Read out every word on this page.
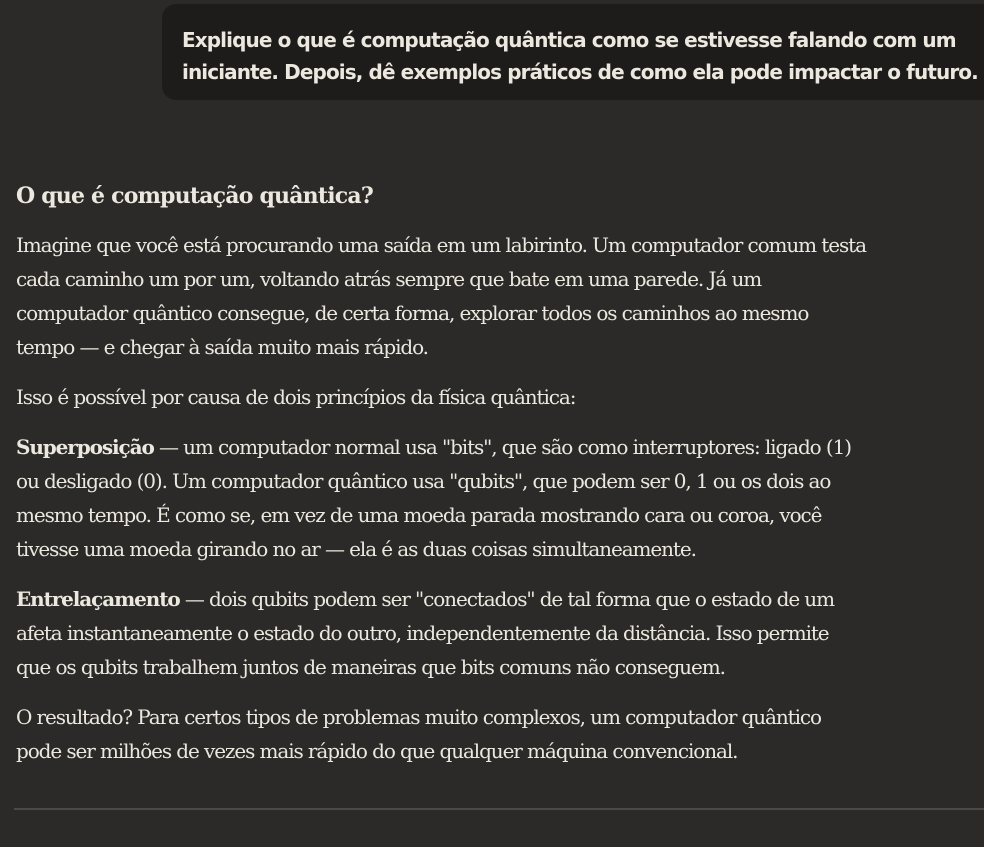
Explique o que é computação quântica como se estivesse falando com um
iniciante. Depois, dê exemplos práticos de como ela pode impactar o futuro.
O que é computação quântica?
Imagine que você está procurando uma saída em um labirinto. Um computador comum testa
cada caminho um por um, voltando atrás sempre que bate em uma parede. Já um
computador quântico consegue, de certa forma, explorar todos os caminhos ao mesmo
tempo — e chegar à saída muito mais rápido.
Isso é possível por causa de dois princípios da física quântica:
Superposição — um computador normal usa "bits", que são como interruptores: ligado (1)
ou desligado (0). Um computador quântico usa "qubits", que podem ser 0, 1 ou os dois ao
mesmo tempo. É como se, em vez de uma moeda parada mostrando cara ou coroa, você
tivesse uma moeda girando no ar — ela é as duas coisas simultaneamente.
Entrelaçamento — dois qubits podem ser "conectados" de tal forma que o estado de um
afeta instantaneamente o estado do outro, independentemente da distância. Isso permite
que os qubits trabalhem juntos de maneiras que bits comuns não conseguem.
O resultado? Para certos tipos de problemas muito complexos, um computador quântico
pode ser milhões de vezes mais rápido do que qualquer máquina convencional.
